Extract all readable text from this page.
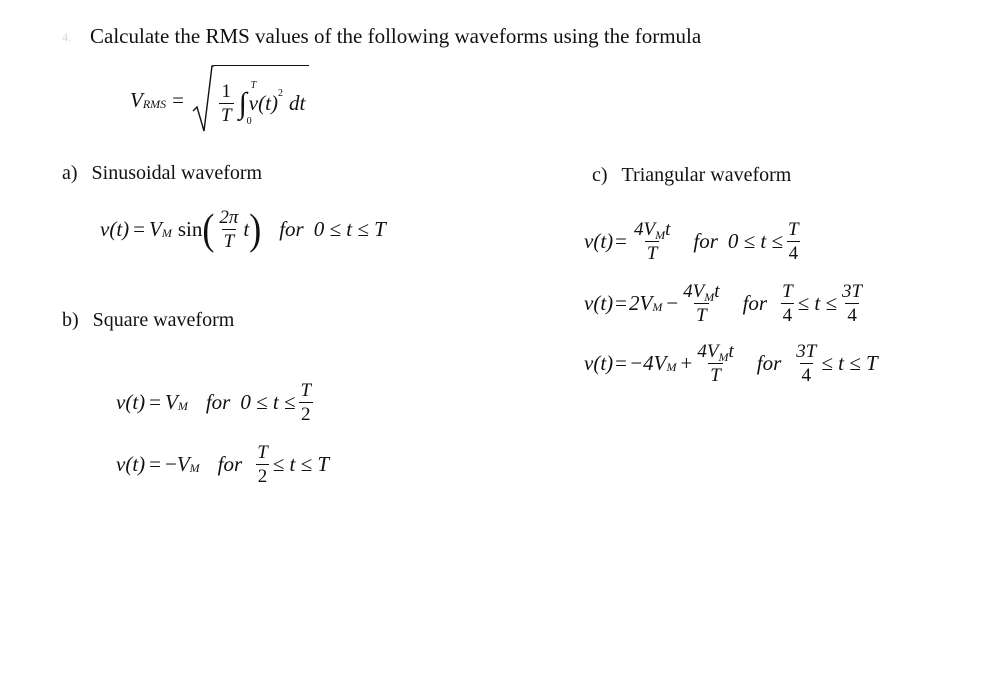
4. Calculate the RMS values of the following waveforms using the formula
V RMS = $\frac{1}{T}$ ∫
T
0
v(t) 2 dt
a) Sinusoidal waveform
b) Square waveform
c) Triangular waveform
v(t) = V M sin ( $\frac{2\pi}{T}$ t ) for 0 ≤ t ≤ T
v(t) = V M for $0 \le t \le \frac{T}{2}$
v(t) = − V M for $\frac{T}{2} \le t \le T$
$v(t) = \frac{4V_Mt}{T}$ for $0 \le t \le \frac{T}{4}$
v(t) = 2V $M - \frac{4V_Mt}{T}$ for $\frac{T}{4} \le t \le \frac{3T}{4}$
v(t) = −4V $M + \frac{4V_Mt}{T}$ for $\frac{3T}{4} \le t \le T$
